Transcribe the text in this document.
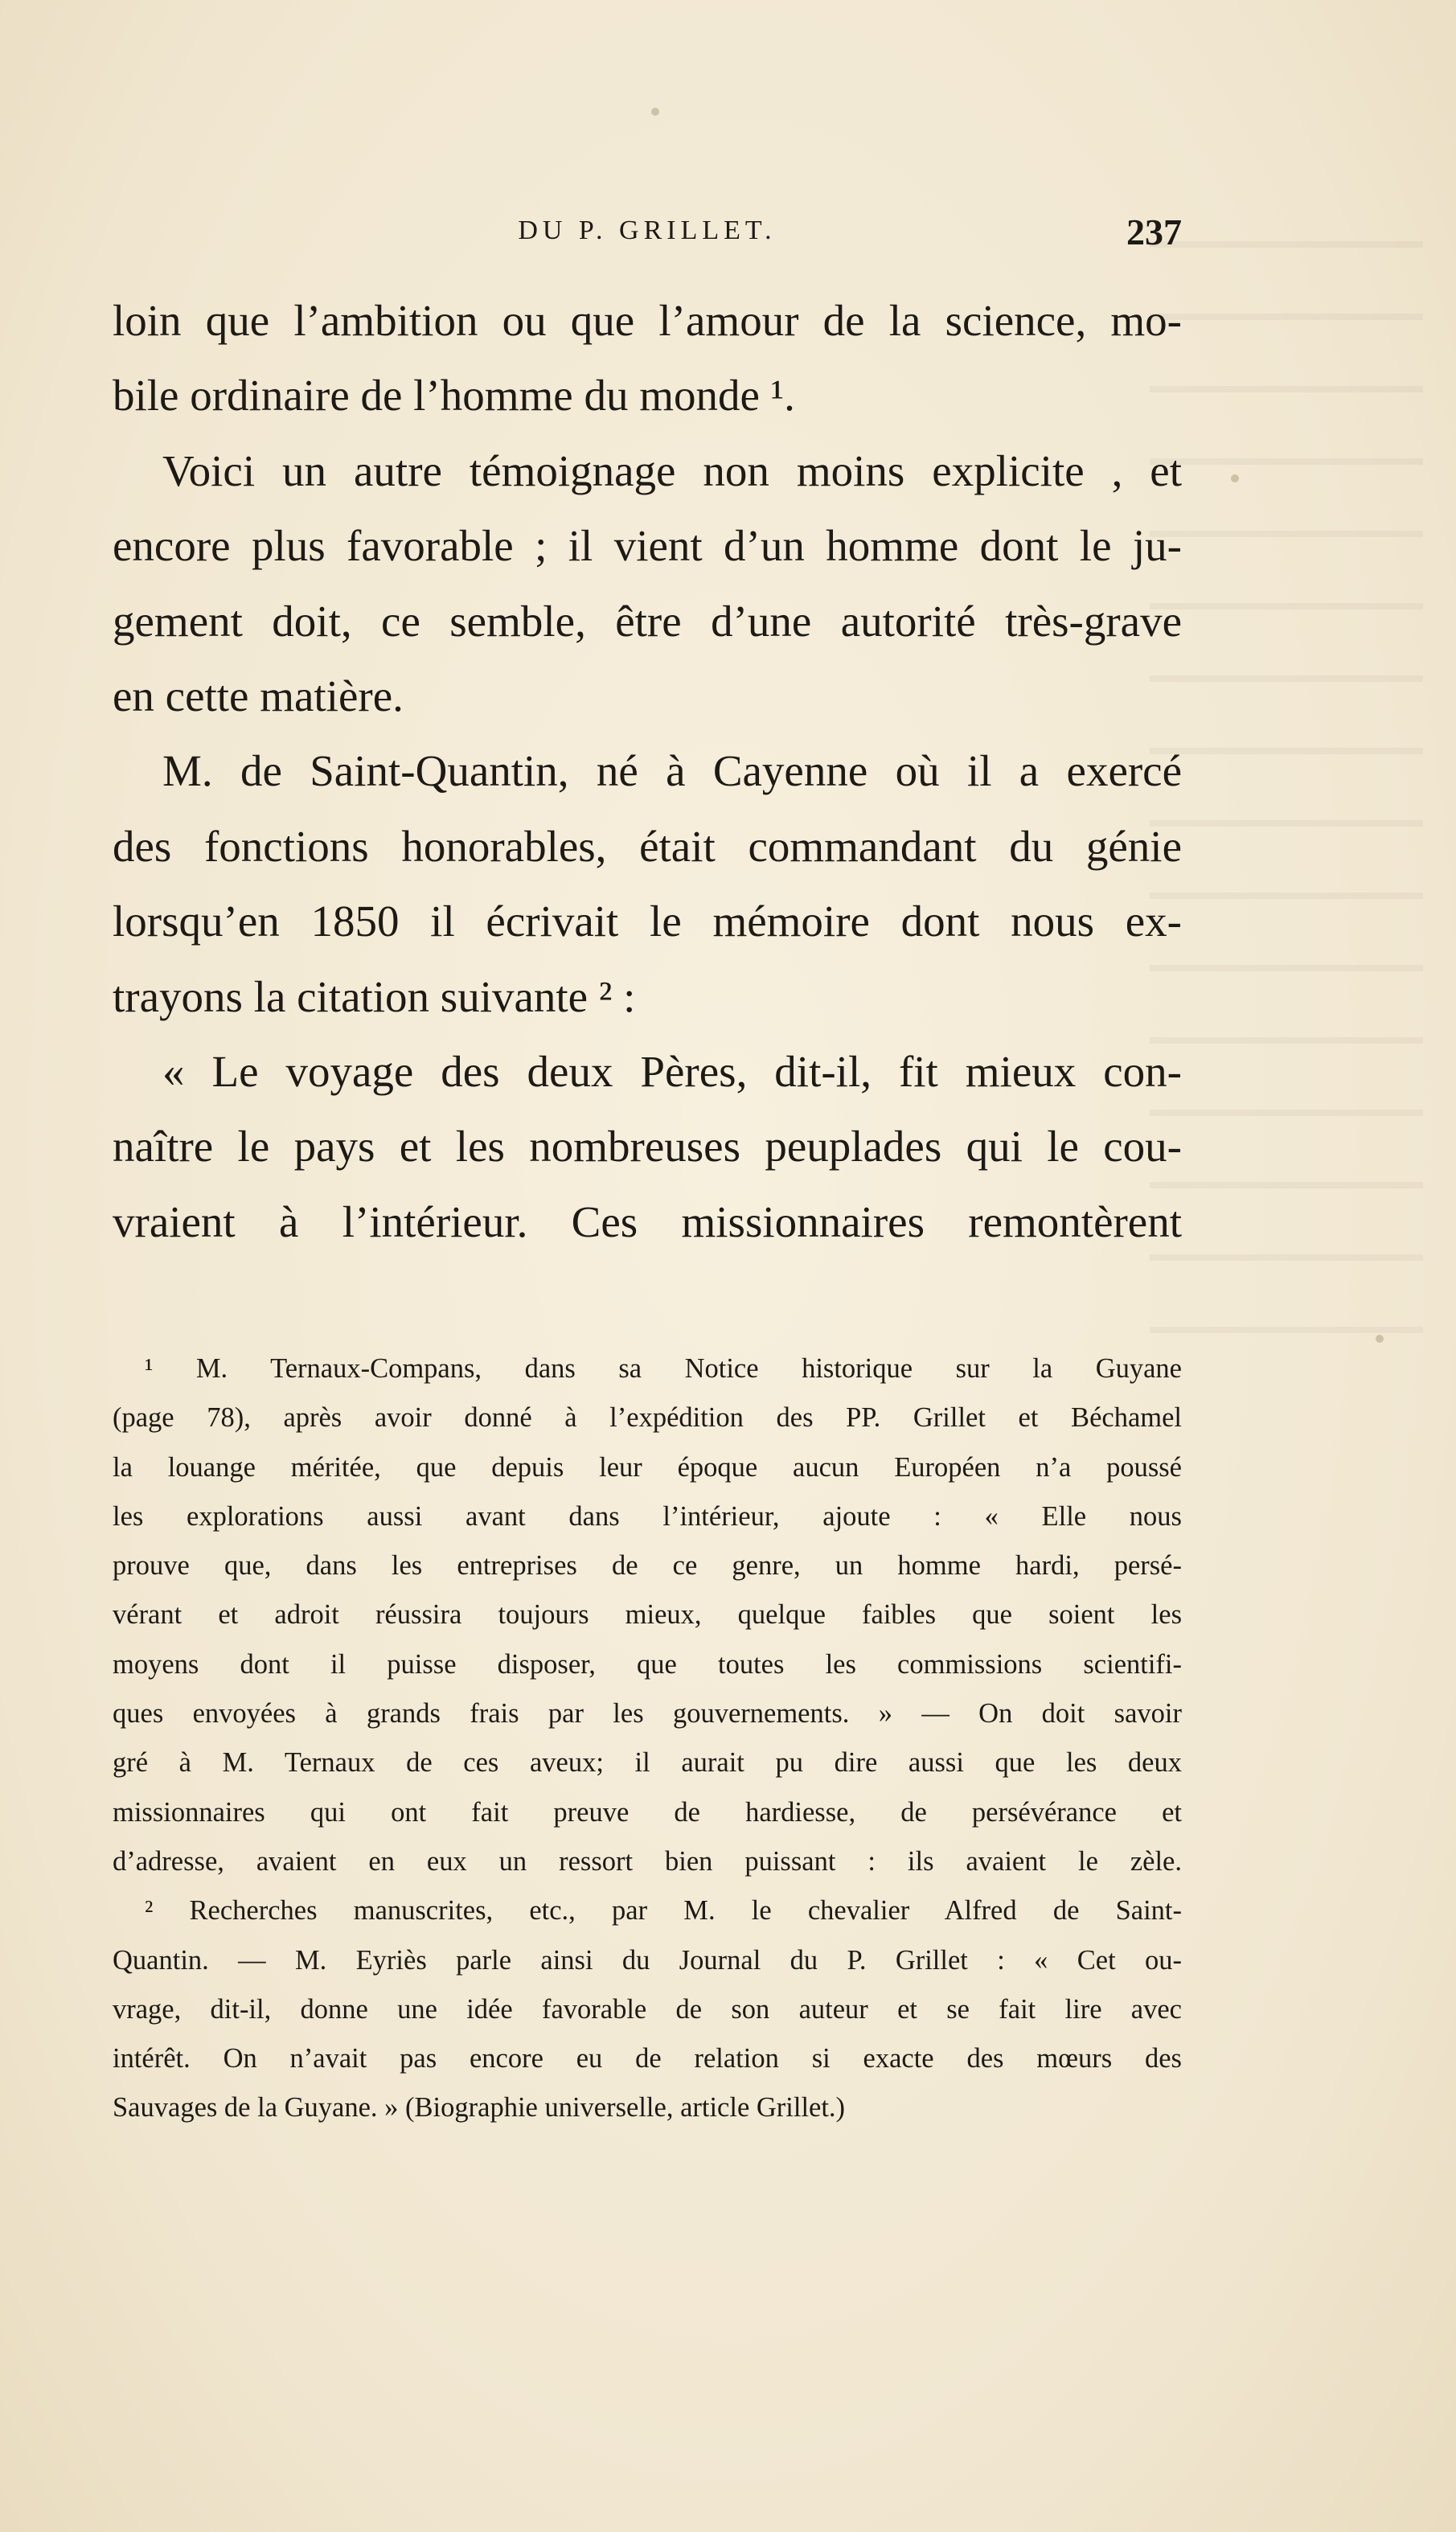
DU P. GRILLET.	237
loin que l’ambition ou que l’amour de la science, mo-
bile ordinaire de l’homme du monde ¹.
Voici un autre témoignage non moins explicite , et
encore plus favorable ; il vient d’un homme dont le ju-
gement doit, ce semble, être d’une autorité très-grave
en cette matière.
M. de Saint-Quantin, né à Cayenne où il a exercé
des fonctions honorables, était commandant du génie
lorsqu’en 1850 il écrivait le mémoire dont nous ex-
trayons la citation suivante ² :
« Le voyage des deux Pères, dit-il, fit mieux con-
naître le pays et les nombreuses peuplades qui le cou-
vraient à l’intérieur. Ces missionnaires remontèrent
¹ M. Ternaux-Compans, dans sa Notice historique sur la Guyane
(page 78), après avoir donné à l’expédition des PP. Grillet et Béchamel
la louange méritée, que depuis leur époque aucun Européen n’a poussé
les explorations aussi avant dans l’intérieur, ajoute : « Elle nous
prouve que, dans les entreprises de ce genre, un homme hardi, persé-
vérant et adroit réussira toujours mieux, quelque faibles que soient les
moyens dont il puisse disposer, que toutes les commissions scientifi-
ques envoyées à grands frais par les gouvernements. » — On doit savoir
gré à M. Ternaux de ces aveux; il aurait pu dire aussi que les deux
missionnaires qui ont fait preuve de hardiesse, de persévérance et
d’adresse, avaient en eux un ressort bien puissant : ils avaient le zèle.
² Recherches manuscrites, etc., par M. le chevalier Alfred de Saint-
Quantin. — M. Eyriès parle ainsi du Journal du P. Grillet : « Cet ou-
vrage, dit-il, donne une idée favorable de son auteur et se fait lire avec
intérêt. On n’avait pas encore eu de relation si exacte des mœurs des
Sauvages de la Guyane. » (Biographie universelle, article Grillet.)
